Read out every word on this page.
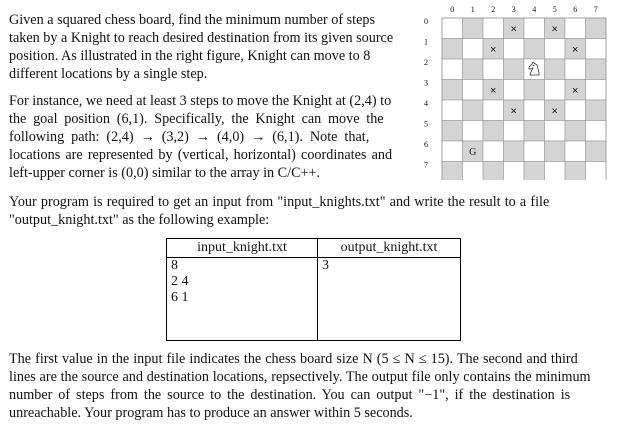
Given a squared chess board, find the minimum number of steps
taken by a Knight to reach desired destination from its given source
position. As illustrated in the right figure, Knight can move to 8
different locations by a single step.
For instance, we need at least 3 steps to move the Knight at (2,4) to
the goal position (6,1). Specifically, the Knight can move the
following path: (2,4) → (3,2) → (4,0) → (6,1). Note that,
locations are represented by (vertical, horizontal) coordinates and
left-upper corner is (0,0) similar to the array in C/C++.
0 1 2 3 4 5 6 7
0
1
2
3
4
5
6
7
×	×
×	×
×	×
×	×
G
Your program is required to get an input from "input_knights.txt" and write the result to a file
"output_knight.txt" as the following example:
input_knight.txt	output_knight.txt

8
2 4
6 1	3
The first value in the input file indicates the chess board size N (5 ≤ N ≤ 15). The second and third
lines are the source and destination locations, repsectively. The output file only contains the minimum
number of steps from the source to the destination. You can output "−1", if the destination is
unreachable. Your program has to produce an answer within 5 seconds.
